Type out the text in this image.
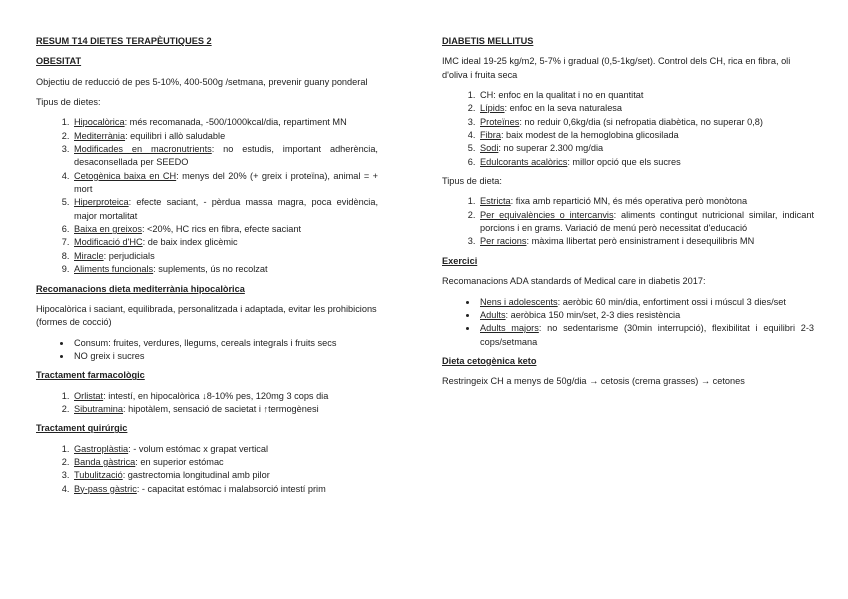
RESUM T14 DIETES TERAPÈUTIQUES 2
OBESITAT

Objectiu de reducció de pes 5-10%, 400-500g /setmana, prevenir guany ponderal

Tipus de dietes:

1. Hipocalòrica: més recomanada, -500/1000kcal/dia, repartiment MN
2. Mediterrània: equilibri i allò saludable
3. Modificades en macronutrients: no estudis, important adherència, desaconsellada per SEEDO
4. Cetogènica baixa en CH: menys del 20% (+ greix i proteïna), animal = + mort
5. Hiperproteica: efecte saciant, - pèrdua massa magra, poca evidència, major mortalitat
6. Baixa en greixos: <20%, HC rics en fibra, efecte saciant
7. Modificació d'HC: de baix index glicèmic
8. Miracle: perjudicials
9. Aliments funcionals: suplements, ús no recolzat
Recomanacions dieta mediterrània hipocalòrica

Hipocalòrica i saciant, equilibrada, personalitzada i adaptada, evitar les prohibicions (formes de cocció)

• Consum: fruites, verdures, llegums, cereals integrals i fruits secs
• NO greix i sucres
Tractament farmacològic
1. Orlistat: intestí, en hipocalòrica ↓8-10% pes, 120mg 3 cops dia
2. Sibutramina: hipotàlem, sensació de sacietat i ↑termogènesi
Tractament quirúrgic
1. Gastroplàstia: - volum estómac x grapat vertical
2. Banda gàstrica: en superior estómac
3. Tubulització: gastrectomia longitudinal amb pilor
4. By-pass gàstric: - capacitat estómac i malabsorció intestí prim
DIABETIS MELLITUS

IMC ideal 19-25 kg/m2, 5-7% i gradual (0,5-1kg/set). Control dels CH, rica en fibra, oli d'oliva i fruita seca

1. CH: enfoc en la qualitat i no en quantitat
2. Lípids: enfoc en la seva naturalesa
3. Proteïnes: no reduir 0,6kg/dia (si nefropatia diabètica, no superar 0,8)
4. Fibra: baix modest de la hemoglobina glicosilada
5. Sodi: no superar 2.300 mg/dia
6. Edulcorants acalòrics: millor opció que els sucres

Tipus de dieta:

1. Estricta: fixa amb repartició MN, és més operativa però monòtona
2. Per equivalències o intercanvis: aliments contingut nutricional similar, indicant porcions i en grams. Variació de menú però necessitat d'educació
3. Per racions: màxima llibertat però ensinistrament i desequilibris MN
Exercici

Recomanacions ADA standards of Medical care in diabetis 2017:

• Nens i adolescents: aeròbic 60 min/dia, enfortiment ossi i múscul 3 dies/set
• Adults: aeròbica 150 min/set, 2-3 dies resistència
• Adults majors: no sedentarisme (30min interrupció), flexibilitat i equilibri 2-3 cops/setmana
Dieta cetogènica keto

Restringeix CH a menys de 50g/dia → cetosis (crema grasses) → cetones
